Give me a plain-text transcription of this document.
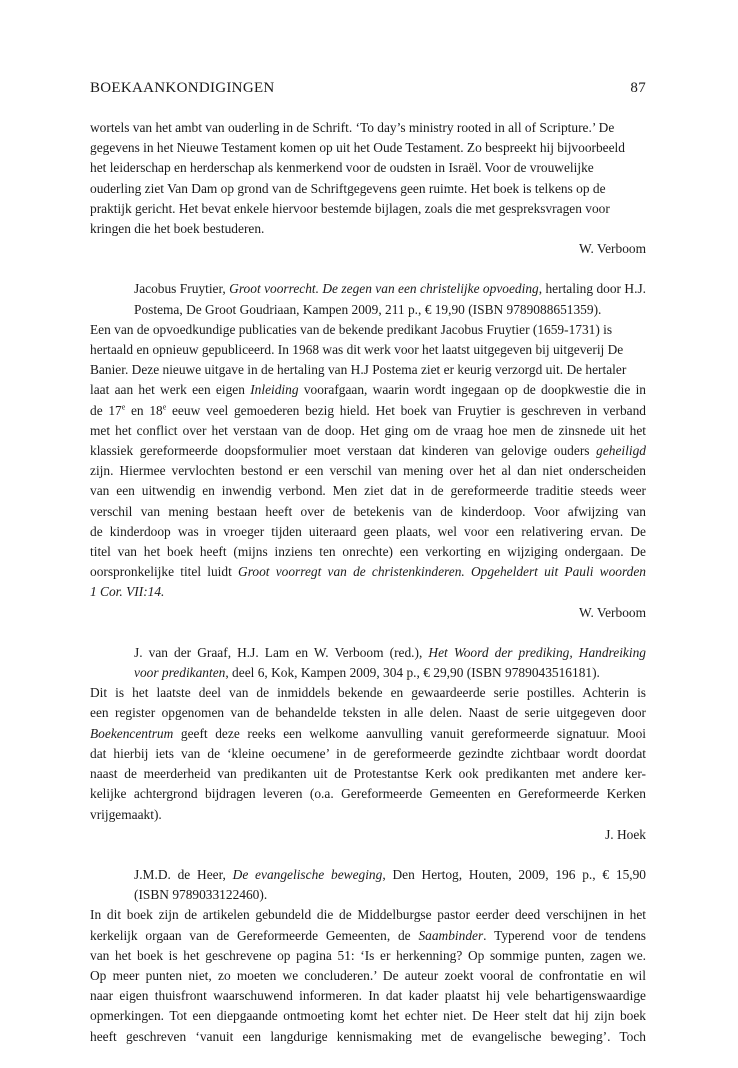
BOEKAANKONDIGINGEN	87
wortels van het ambt van ouderling in de Schrift. ‘To day’s ministry rooted in all of Scripture.’ De
gegevens in het Nieuwe Testament komen op uit het Oude Testament. Zo bespreekt hij bijvoorbeeld
het leiderschap en herderschap als kenmerkend voor de oudsten in Israël. Voor de vrouwelijke
ouderling ziet Van Dam op grond van de Schriftgegevens geen ruimte. Het boek is telkens op de
praktijk gericht. Het bevat enkele hiervoor bestemde bijlagen, zoals die met gespreksvragen voor
kringen die het boek bestuderen.
W. Verboom
Jacobus Fruytier, Groot voorrecht. De zegen van een christelijke opvoeding, hertaling door H.J.
Postema, De Groot Goudriaan, Kampen 2009, 211 p., € 19,90 (ISBN 9789088651359).
Een van de opvoedkundige publicaties van de bekende predikant Jacobus Fruytier (1659-1731) is
hertaald en opnieuw gepubliceerd. In 1968 was dit werk voor het laatst uitgegeven bij uitgeverij De
Banier. Deze nieuwe uitgave in de hertaling van H.J Postema ziet er keurig verzorgd uit. De hertaler
laat aan het werk een eigen Inleiding voorafgaan, waarin wordt ingegaan op de doopkwestie die in
de 17e en 18e eeuw veel gemoederen bezig hield. Het boek van Fruytier is geschreven in verband
met het conflict over het verstaan van de doop. Het ging om de vraag hoe men de zinsnede uit het
klassiek gereformeerde doopsformulier moet verstaan dat kinderen van gelovige ouders geheiligd
zijn. Hiermee vervlochten bestond er een verschil van mening over het al dan niet onderscheiden
van een uitwendig en inwendig verbond. Men ziet dat in de gereformeerde traditie steeds weer
verschil van mening bestaan heeft over de betekenis van de kinderdoop. Voor afwijzing van
de kinderdoop was in vroeger tijden uiteraard geen plaats, wel voor een relativering ervan. De
titel van het boek heeft (mijns inziens ten onrechte) een verkorting en wijziging ondergaan. De
oorspronkelijke titel luidt Groot voorregt van de christenkinderen. Opgeheldert uit Pauli woorden
1 Cor. VII:14.
W. Verboom
J. van der Graaf, H.J. Lam en W. Verboom (red.), Het Woord der prediking, Handreiking
voor predikanten, deel 6, Kok, Kampen 2009, 304 p., € 29,90 (ISBN 9789043516181).
Dit is het laatste deel van de inmiddels bekende en gewaardeerde serie postilles. Achterin is
een register opgenomen van de behandelde teksten in alle delen. Naast de serie uitgegeven door
Boekencentrum geeft deze reeks een welkome aanvulling vanuit gereformeerde signatuur. Mooi
dat hierbij iets van de ‘kleine oecumene’ in de gereformeerde gezindte zichtbaar wordt doordat
naast de meerderheid van predikanten uit de Protestantse Kerk ook predikanten met andere ker-
kelijke achtergrond bijdragen leveren (o.a. Gereformeerde Gemeenten en Gereformeerde Kerken
vrijgemaakt).
J. Hoek
J.M.D. de Heer, De evangelische beweging, Den Hertog, Houten, 2009, 196 p., € 15,90
(ISBN 9789033122460).
In dit boek zijn de artikelen gebundeld die de Middelburgse pastor eerder deed verschijnen in het
kerkelijk orgaan van de Gereformeerde Gemeenten, de Saambinder. Typerend voor de tendens
van het boek is het geschrevene op pagina 51: ‘Is er herkenning? Op sommige punten, zagen we.
Op meer punten niet, zo moeten we concluderen.’ De auteur zoekt vooral de confrontatie en wil
naar eigen thuisfront waarschuwend informeren. In dat kader plaatst hij vele behartigenswaardige
opmerkingen. Tot een diepgaande ontmoeting komt het echter niet. De Heer stelt dat hij zijn boek
heeft geschreven ‘vanuit een langdurige kennismaking met de evangelische beweging’. Toch
